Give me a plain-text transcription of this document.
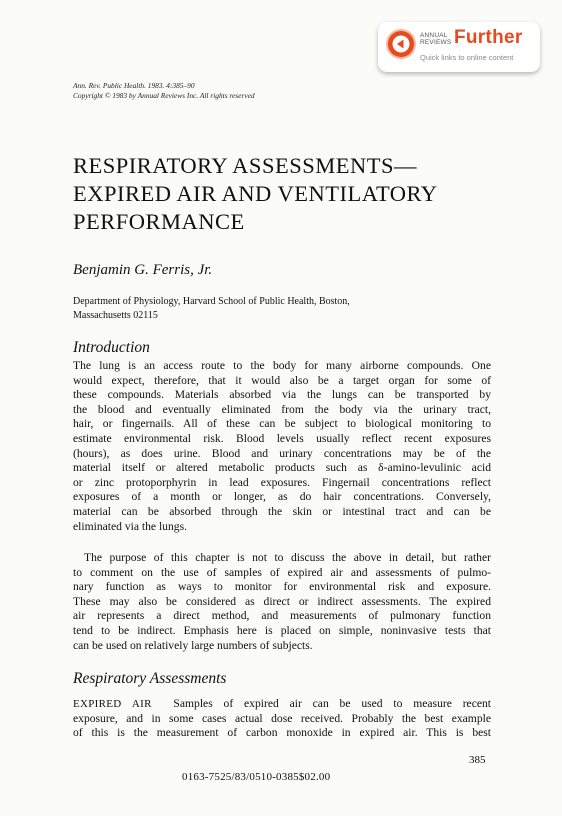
ANNUAL
REVIEWS Further
Quick links to online content
Ann. Rev. Public Health. 1983. 4:385–90
Copyright © 1983 by Annual Reviews Inc. All rights reserved
RESPIRATORY ASSESSMENTS—
EXPIRED AIR AND VENTILATORY
PERFORMANCE
Benjamin G. Ferris, Jr.
Department of Physiology, Harvard School of Public Health, Boston,
Massachusetts 02115
Introduction
The lung is an access route to the body for many airborne compounds. One
would expect, therefore, that it would also be a target organ for some of
these compounds. Materials absorbed via the lungs can be transported by
the blood and eventually eliminated from the body via the urinary tract,
hair, or fingernails. All of these can be subject to biological monitoring to
estimate environmental risk. Blood levels usually reflect recent exposures
(hours), as does urine. Blood and urinary concentrations may be of the
material itself or altered metabolic products such as δ-amino-levulinic acid
or zinc protoporphyrin in lead exposures. Fingernail concentrations reflect
exposures of a month or longer, as do hair concentrations. Conversely,
material can be absorbed through the skin or intestinal tract and can be
eliminated via the lungs.
The purpose of this chapter is not to discuss the above in detail, but rather
to comment on the use of samples of expired air and assessments of pulmo-
nary function as ways to monitor for environmental risk and exposure.
These may also be considered as direct or indirect assessments. The expired
air represents a direct method, and measurements of pulmonary function
tend to be indirect. Emphasis here is placed on simple, noninvasive tests that
can be used on relatively large numbers of subjects.
Respiratory Assessments
EXPIRED AIR Samples of expired air can be used to measure recent
exposure, and in some cases actual dose received. Probably the best example
of this is the measurement of carbon monoxide in expired air. This is best
385
0163-7525/83/0510-0385$02.00
